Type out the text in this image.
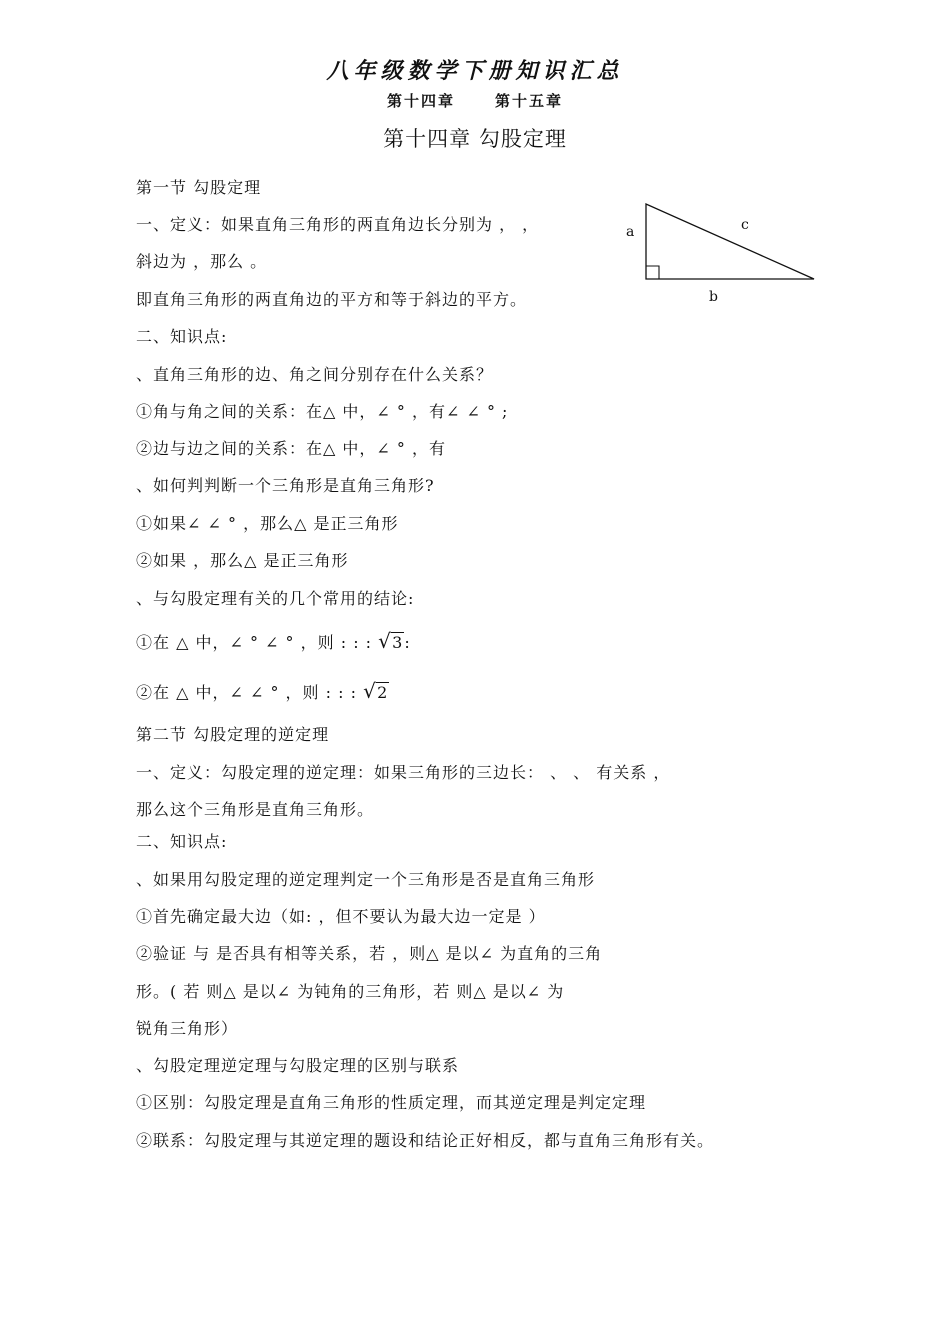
八年级数学下册知识汇总
第十四章	第十五章
第十四章 勾股定理
第一节 勾股定理
一、定义：如果直角三角形的两直角边长分别为 ， ，
斜边为 ，那么 。
即直角三角形的两直角边的平方和等于斜边的平方。
二、知识点:
、直角三角形的边、角之间分别存在什么关系？
①角与角之间的关系：在△ 中，∠ ° ，有∠ ∠ ° ;
②边与边之间的关系：在△ 中，∠ ° ，有
、如何判判断一个三角形是直角三角形?
①如果∠ ∠ ° ，那么△ 是正三角形
②如果 ，那么△ 是正三角形
、与勾股定理有关的几个常用的结论:
①在 △ 中，∠ ° ∠ ° ，则 : : : √ 3:
②在 △ 中，∠ ∠ ° ，则 : : : √ 2
a	c
b
第二节 勾股定理的逆定理
一、定义：勾股定理的逆定理：如果三角形的三边长： 、 、 有关系 ，
那么这个三角形是直角三角形。
二、知识点:
、如果用勾股定理的逆定理判定一个三角形是否是直角三角形
①首先确定最大边（如: ，但不要认为最大边一定是 ）
②验证 与 是否具有相等关系，若 ，则△ 是以∠ 为直角的三角
形。( 若 则△ 是以∠ 为钝角的三角形，若 则△ 是以∠ 为
锐角三角形）
、勾股定理逆定理与勾股定理的区别与联系
①区别：勾股定理是直角三角形的性质定理，而其逆定理是判定定理
②联系：勾股定理与其逆定理的题设和结论正好相反，都与直角三角形有关。
